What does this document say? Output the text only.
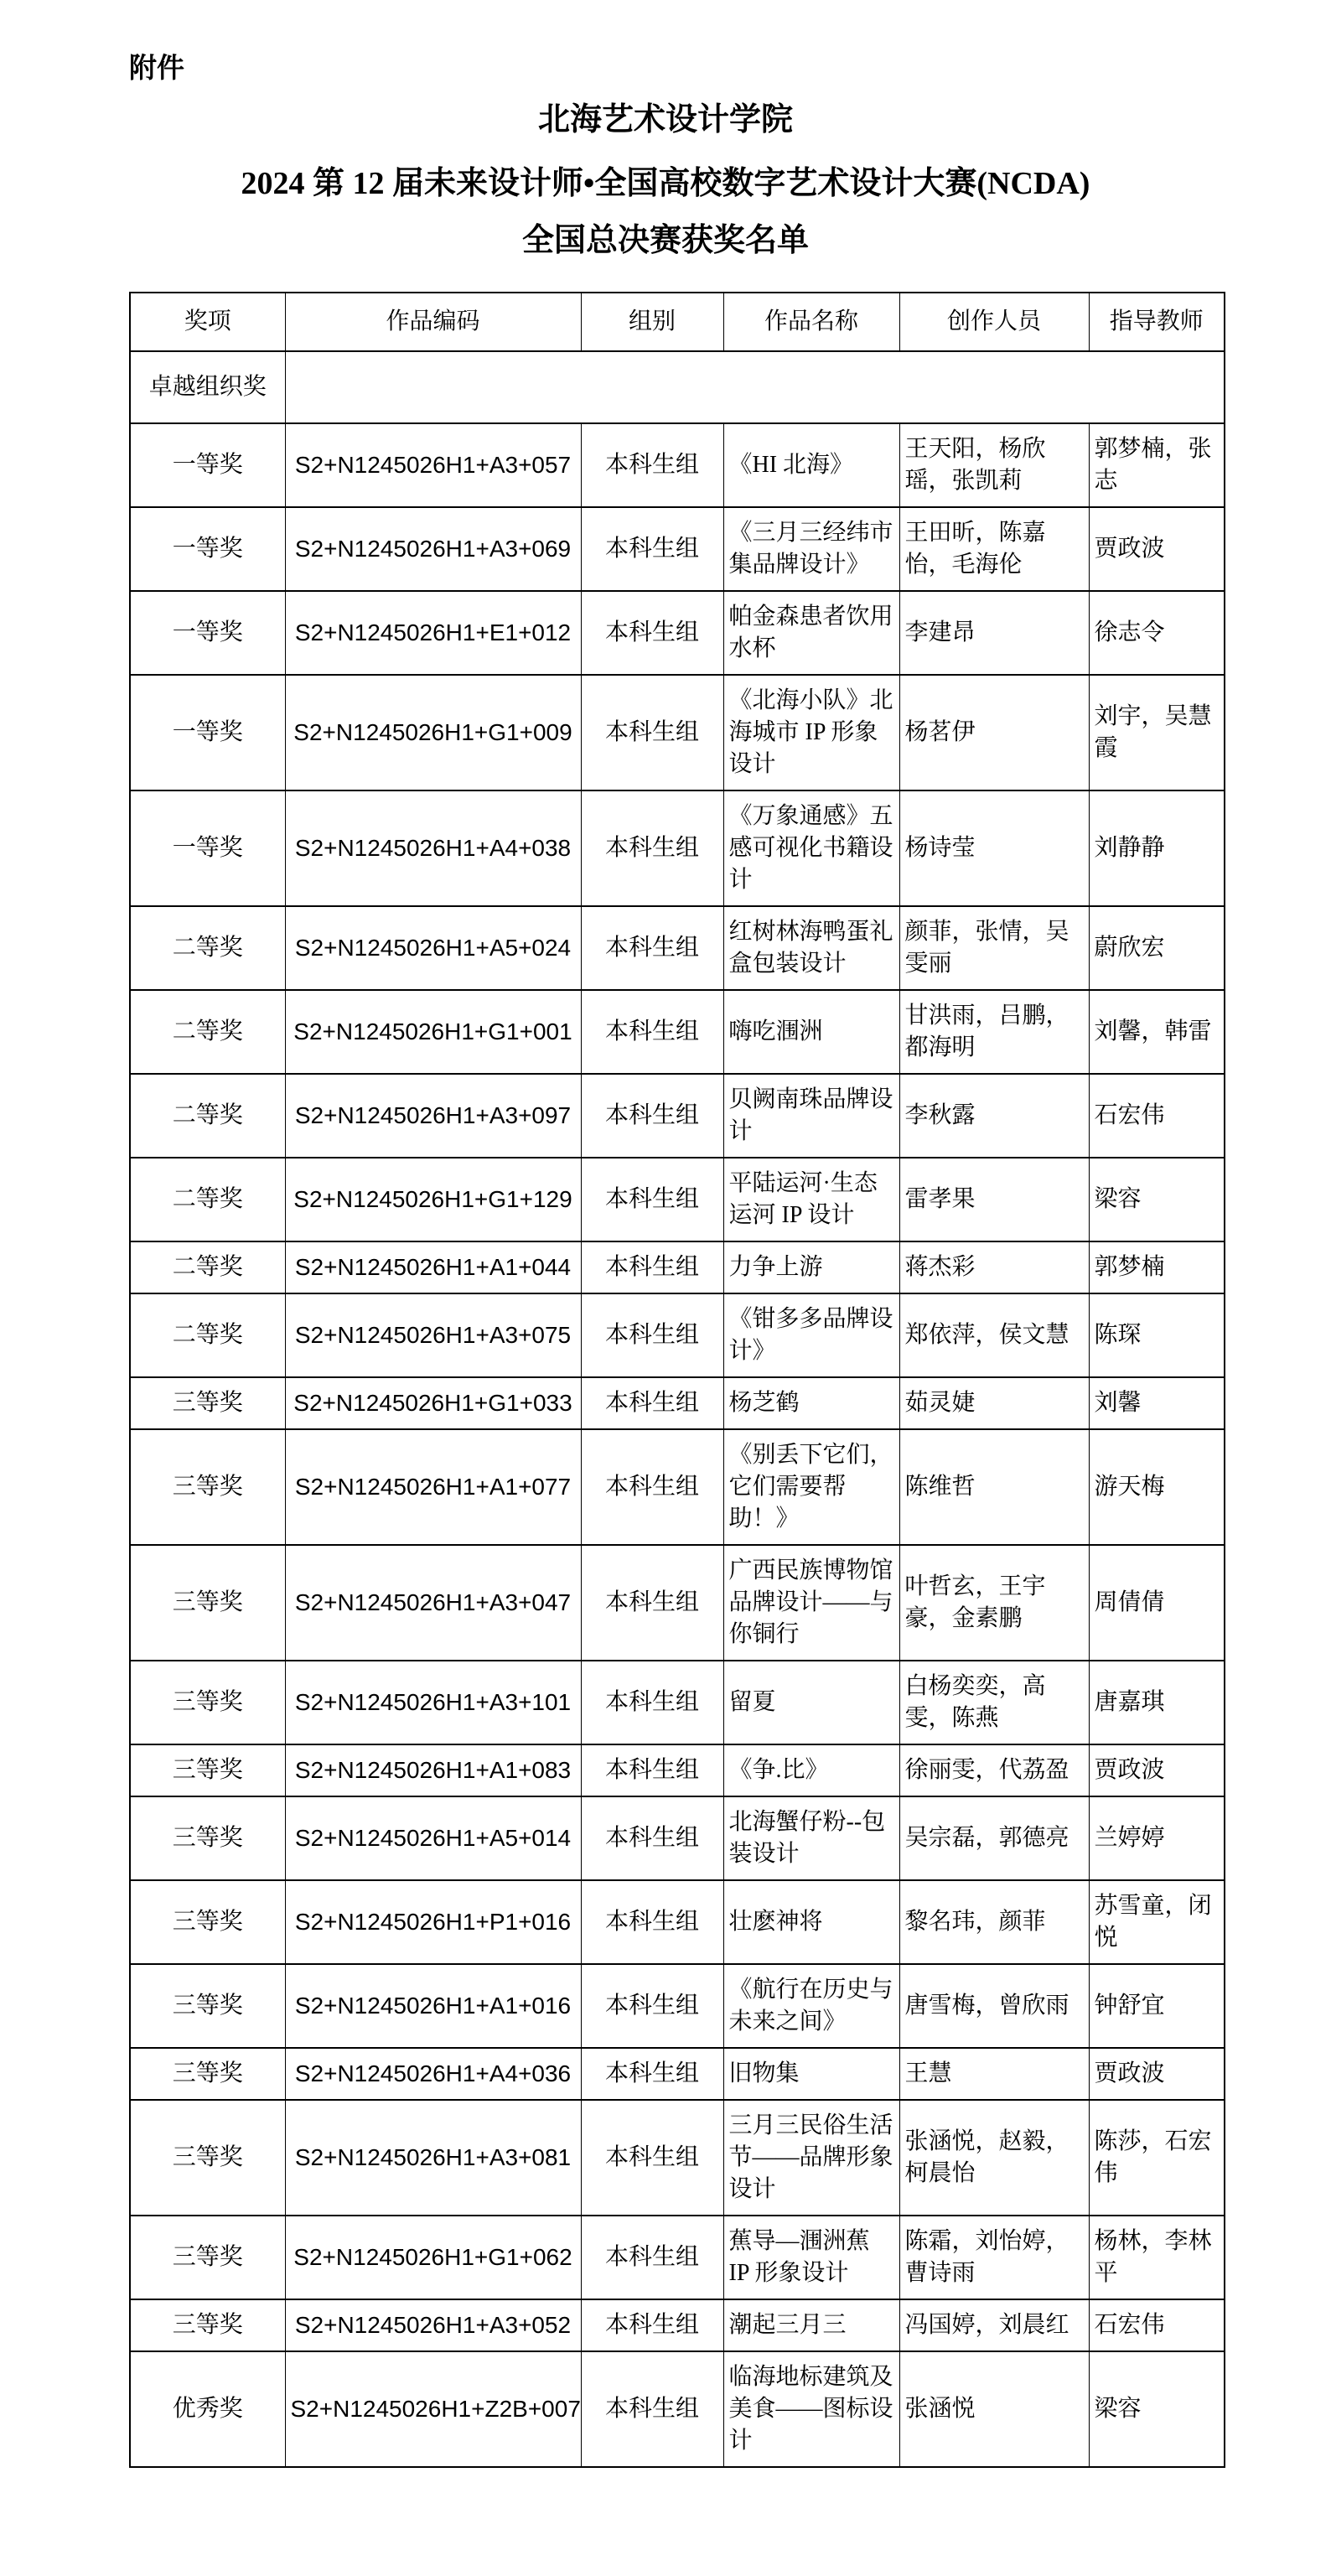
附件
北海艺术设计学院
2024 第 12 届未来设计师•全国高校数字艺术设计大赛(NCDA)
全国总决赛获奖名单
奖项	作品编码	组别	作品名称	创作人员	指导教师
卓越组织奖					
一等奖	S2+N1245026H1+A3+057	本科生组	《HI 北海》	王天阳，杨欣瑶，张凯莉	郭梦楠，张志
一等奖	S2+N1245026H1+A3+069	本科生组	《三月三经纬市集品牌设计》	王田昕，陈嘉怡，毛海伦	贾政波
一等奖	S2+N1245026H1+E1+012	本科生组	帕金森患者饮用水杯	李建昂	徐志令
一等奖	S2+N1245026H1+G1+009	本科生组	《北海小队》北海城市 IP 形象设计	杨茗伊	刘宇，吴慧霞
一等奖	S2+N1245026H1+A4+038	本科生组	《万象通感》五感可视化书籍设计	杨诗莹	刘静静
二等奖	S2+N1245026H1+A5+024	本科生组	红树林海鸭蛋礼盒包装设计	颜菲，张情，吴雯丽	蔚欣宏
二等奖	S2+N1245026H1+G1+001	本科生组	嗨吃涠洲	甘洪雨，吕鹏，都海明	刘馨，韩雷
二等奖	S2+N1245026H1+A3+097	本科生组	贝阙南珠品牌设计	李秋露	石宏伟
二等奖	S2+N1245026H1+G1+129	本科生组	平陆运河·生态运河 IP 设计	雷孝果	梁容
二等奖	S2+N1245026H1+A1+044	本科生组	力争上游	蒋杰彩	郭梦楠
二等奖	S2+N1245026H1+A3+075	本科生组	《钳多多品牌设计》	郑依萍，侯文慧	陈琛
三等奖	S2+N1245026H1+G1+033	本科生组	杨芝鹤	茹灵婕	刘馨
三等奖	S2+N1245026H1+A1+077	本科生组	《别丢下它们，它们需要帮助！》	陈维哲	游天梅
三等奖	S2+N1245026H1+A3+047	本科生组	广西民族博物馆品牌设计——与你铜行	叶哲玄，王宇豪，金素鹏	周倩倩
三等奖	S2+N1245026H1+A3+101	本科生组	留夏	白杨奕奕，高雯，陈燕	唐嘉琪
三等奖	S2+N1245026H1+A1+083	本科生组	《争.比》	徐丽雯，代荔盈	贾政波
三等奖	S2+N1245026H1+A5+014	本科生组	北海蟹仔粉--包装设计	吴宗磊，郭德亮	兰婷婷
三等奖	S2+N1245026H1+P1+016	本科生组	壮麽神将	黎名玮，颜菲	苏雪童，闭悦
三等奖	S2+N1245026H1+A1+016	本科生组	《航行在历史与未来之间》	唐雪梅，曾欣雨	钟舒宜
三等奖	S2+N1245026H1+A4+036	本科生组	旧物集	王慧	贾政波
三等奖	S2+N1245026H1+A3+081	本科生组	三月三民俗生活节——品牌形象设计	张涵悦，赵毅，柯晨怡	陈莎，石宏伟
三等奖	S2+N1245026H1+G1+062	本科生组	蕉导—涠洲蕉 IP 形象设计	陈霜，刘怡婷，曹诗雨	杨林，李林平
三等奖	S2+N1245026H1+A3+052	本科生组	潮起三月三	冯国婷，刘晨红	石宏伟
优秀奖	S2+N1245026H1+Z2B+007	本科生组	临海地标建筑及美食——图标设计	张涵悦	梁容
